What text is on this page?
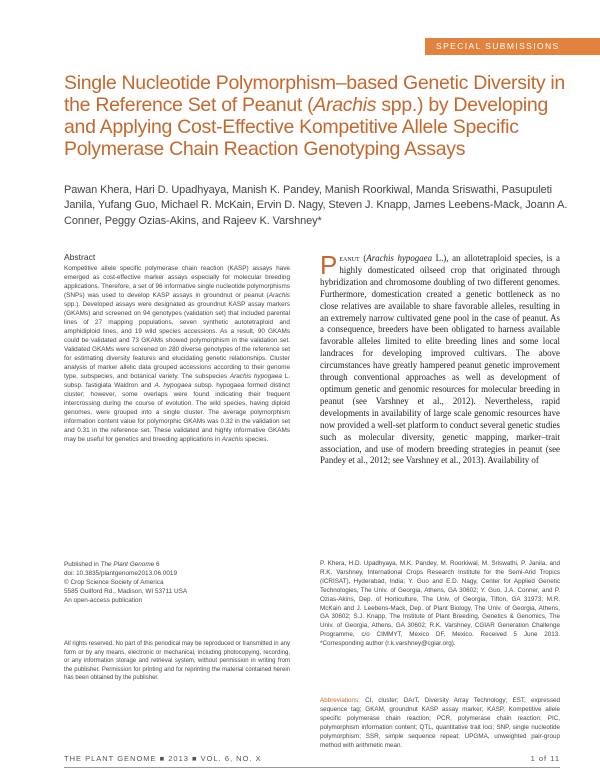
SPECIAL SUBMISSIONS
Single Nucleotide Polymorphism–based Genetic Diversity in the Reference Set of Peanut (Arachis spp.) by Developing and Applying Cost-Effective Kompetitive Allele Specific Polymerase Chain Reaction Genotyping Assays

Pawan Khera, Hari D. Upadhyaya, Manish K. Pandey, Manish Roorkiwal, Manda Sriswathi, Pasupuleti Janila, Yufang Guo, Michael R. McKain, Ervin D. Nagy, Steven J. Knapp, James Leebens-Mack, Joann A. Conner, Peggy Ozias-Akins, and Rajeev K. Varshney*

Abstract

Kompetitive allele specific polymerase chain reaction (KASP) assays have emerged as cost-effective marker assays especially for molecular breeding applications. Therefore, a set of 96 informative single nucleotide polymorphisms (SNPs) was used to develop KASP assays in groundnut or peanut (Arachis spp.). Developed assays were designated as groundnut KASP assay markers (GKAMs) and screened on 94 genotypes (validation set) that included parental lines of 27 mapping populations, seven synthetic autotetraploid and amphidiploid lines, and 19 wild species accessions. As a result, 90 GKAMs could be validated and 73 GKAMs showed polymorphism in the validation set. Validated GKAMs were screened on 280 diverse genotypes of the reference set for estimating diversity features and elucidating genetic relationships. Cluster analysis of marker allelic data grouped accessions according to their genome type, subspecies, and botanical variety. The subspecies Arachis hypogaea L. subsp. fastigiata Waldron and A. hypogaea subsp. hypogaea formed distinct cluster; however, some overlaps were found indicating their frequent intercrossing during the course of evolution. The wild species, having diploid genomes, were grouped into a single cluster. The average polymorphism information content value for polymorphic GKAMs was 0.32 in the validation set and 0.31 in the reference set. These validated and highly informative GKAMs may be useful for genetics and breeding applications in Arachis species.

Published in The Plant Genome 6
doi: 10.3835/plantgenome2013.06.0019
© Crop Science Society of America
5585 Guilford Rd., Madison, WI 53711 USA
An open-access publication

All rights reserved. No part of this periodical may be reproduced or transmitted in any form or by any means, electronic or mechanical, including photocopying, recording, or any information storage and retrieval system, without permission in writing from the publisher. Permission for printing and for reprinting the material contained herein has been obtained by the publisher.

Peanut (Arachis hypogaea L.), an allotetraploid species, is a highly domesticated oilseed crop that originated through hybridization and chromosome doubling of two different genomes. Furthermore, domestication created a genetic bottleneck as no close relatives are available to share favorable alleles, resulting in an extremely narrow cultivated gene pool in the case of peanut. As a consequence, breeders have been obligated to harness available favorable alleles limited to elite breeding lines and some local landraces for developing improved cultivars. The above circumstances have greatly hampered peanut genetic improvement through conventional approaches as well as development of optimum genetic and genomic resources for molecular breeding in peanut (see Varshney et al., 2012). Nevertheless, rapid developments in availability of large scale genomic resources have now provided a well-set platform to conduct several genetic studies such as molecular diversity, genetic mapping, marker–trait association, and use of modern breeding strategies in peanut (see Pandey et al., 2012; see Varshney et al., 2013). Availability of

P. Khera, H.D. Upadhyaya, M.K. Pandey, M. Roorkiwal, M. Sriswathi, P. Janila, and R.K. Varshney, International Crops Research Institute for the Semi-Arid Tropics (ICRISAT), Hyderabad, India; Y. Guo and E.D. Nagy, Center for Applied Genetic Technologies, The Univ. of Georgia, Athens, GA 30602; Y. Guo, J.A. Conner, and P. Ozias-Akins, Dep. of Horticulture, The Univ. of Georgia, Tifton, GA 31973; M.R. McKain and J. Leebens-Mack, Dep. of Plant Biology, The Univ. of Georgia, Athens, GA 30602; S.J. Knapp, The Institute of Plant Breeding, Genetics & Genomics, The Univ. of Georgia, Athens, GA 30602; R.K. Varshney, CGIAR Generation Challenge Programme, c/o CIMMYT, Mexico DF, Mexico. Received 5 June 2013. *Corresponding author (r.k.varshney@cgiar.org).

Abbreviations: CI, cluster; DArT, Diversity Array Technology; EST, expressed sequence tag; GKAM, groundnut KASP assay marker; KASP, Kompetitive allele specific polymerase chain reaction; PCR, polymerase chain reaction; PIC, polymorphism information content; QTL, quantitative trait loci; SNP, single nucleotide polymorphism; SSR, simple sequence repeat; UPGMA, unweighted pair-group method with arithmetic mean.

THE PLANT GENOME ■ 2013 ■ VOL. 6, NO. X	1 of 11
